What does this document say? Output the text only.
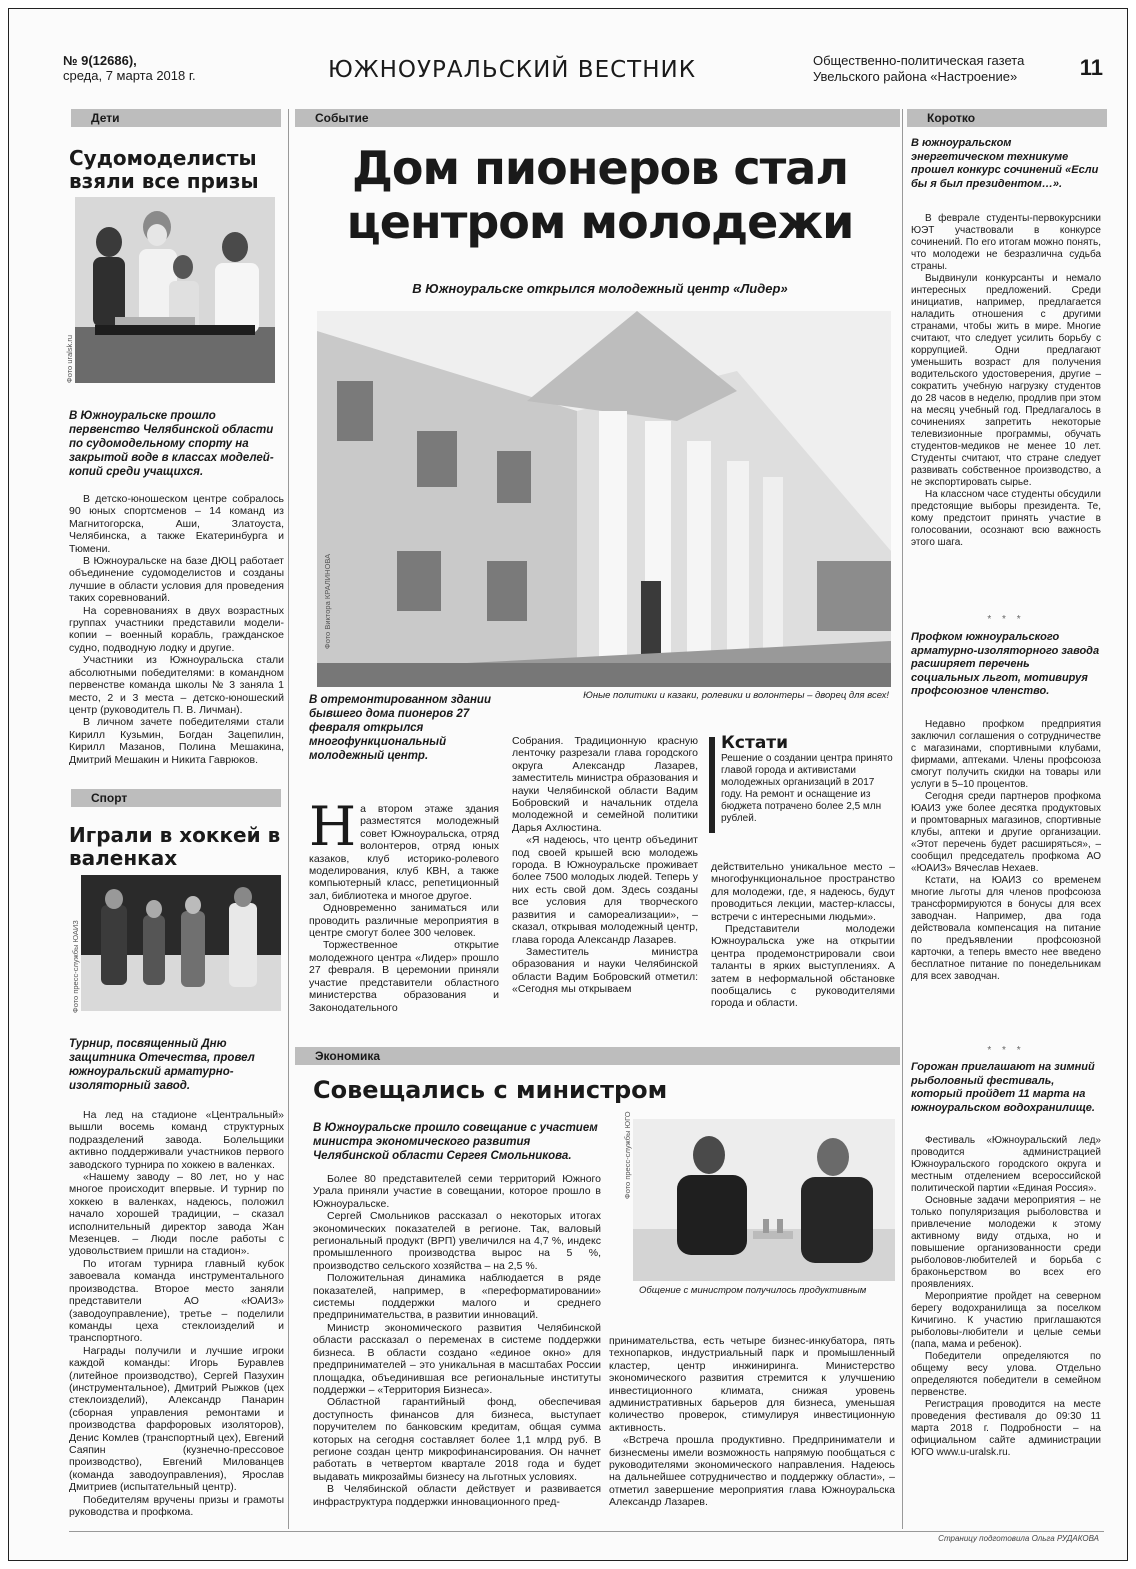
№ 9(12686),
среда, 7 марта 2018 г.	ЮЖНОУРАЛЬСКИЙ ВЕСТНИК	Общественно-политическая газета
Увельского района «Настроение»	11
Дети	Событие	Коротко
Спорт
Экономика
Судомоделисты взяли все призы
Фото uralsk.ru
В Южноуральске прошло первенство Челябинской области по судомодельному спорту на закрытой воде в классах моделей-копий среди учащихся.

В детско-юношеском центре собралось 90 юных спортсменов – 14 команд из Магнитогорска, Аши, Златоуста, Челябинска, а также Екатеринбурга и Тюмени.

В Южноуральске на базе ДЮЦ работает объединение судомоделистов и созданы лучшие в области условия для проведения таких соревнований.

На соревнованиях в двух возрастных группах участники представили модели-копии – военный корабль, гражданское судно, подводную лодку и другие.

Участники из Южноуральска стали абсолютными победителями: в командном первенстве команда школы № 3 заняла 1 место, 2 и 3 места – детско-юношеский центр (руководитель П. В. Личман).

В личном зачете победителями стали Кирилл Кузьмин, Богдан Зацепилин, Кирилл Мазанов, Полина Мешакина, Дмитрий Мешакин и Никита Гаврюков.

Играли в хоккей в валенках
Фото пресс-службы ЮАИЗ
Турнир, посвященный Дню защитника Отечества, провел южноуральский арматурно-изоляторный завод.

На лед на стадионе «Центральный» вышли восемь команд структурных подразделений завода. Болельщики активно поддерживали участников первого заводского турнира по хоккею в валенках.

«Нашему заводу – 80 лет, но у нас многое происходит впервые. И турнир по хоккею в валенках, надеюсь, положил начало хорошей традиции, – сказал исполнительный директор завода Жан Мезенцев. – Люди после работы с удовольствием пришли на стадион».

По итогам турнира главный кубок завоевала команда инструментального производства. Второе место заняли представители АО «ЮАИЗ» (заводоуправление), третье – поделили команды цеха стеклоизделий и транспортного.

Награды получили и лучшие игроки каждой команды: Игорь Буравлев (литейное производство), Сергей Пазухин (инструментальное), Дмитрий Рыжков (цех стеклоизделий), Александр Панарин (сборная управления ремонтами и производства фарфоровых изоляторов), Денис Комлев (транспортный цех), Евгений Саяпин (кузнечно-прессовое производство), Евгений Милованцев (команда заводоуправления), Ярослав Дмитриев (испытательный центр).

Победителям вручены призы и грамоты руководства и профкома.

Дом пионеров стал центром молодежи
В Южноуральске открылся молодежный центр «Лидер»
Фото Виктора КРАЛИНОВА
Юные политики и казаки, ролевики и волонтеры – дворец для всех!
В отремонтированном здании бывшего дома пионеров 27 февраля открылся многофункциональный молодежный центр.

На втором этаже здания разместятся молодежный совет Южноуральска, отряд волонтеров, отряд юных казаков, клуб историко-ролевого моделирования, клуб КВН, а также компьютерный класс, репетиционный зал, библиотека и многое другое.

Одновременно заниматься или проводить различные мероприятия в центре смогут более 300 человек.

Торжественное открытие молодежного центра «Лидер» прошло 27 февраля. В церемонии приняли участие представители областного министерства образования и Законодательного

Собрания. Традиционную красную ленточку разрезали глава городского округа Александр Лазарев, заместитель министра образования и науки Челябинской области Вадим Бобровский и начальник отдела молодежной и семейной политики Дарья Ахлюстина.

«Я надеюсь, что центр объединит под своей крышей всю молодежь города. В Южноуральске проживает более 7500 молодых людей. Теперь у них есть свой дом. Здесь созданы все условия для творческого развития и самореализации», – сказал, открывая молодежный центр, глава города Александр Лазарев.

Заместитель министра образования и науки Челябинской области Вадим Бобровский отметил: «Сегодня мы открываем

Кстати
Решение о создании центра принято главой города и активистами молодежных организаций в 2017 году. На ремонт и оснащение из бюджета потрачено более 2,5 млн рублей.

действительно уникальное место – многофункциональное пространство для молодежи, где, я надеюсь, будут проводиться лекции, мастер-классы, встречи с интересными людьми».

Представители молодежи Южноуральска уже на открытии центра продемонстрировали свои таланты в ярких выступлениях. А затем в неформальной обстановке пообщались с руководителями города и области.

Совещались с министром
В Южноуральске прошло совещание с участием министра экономического развития Челябинской области Сергея Смольникова.	Фото пресс-службы ЮГО
Общение с министром получилось продуктивным

Более 80 представителей семи территорий Южного Урала приняли участие в совещании, которое прошло в Южноуральске.

Сергей Смольников рассказал о некоторых итогах экономических показателей в регионе. Так, валовый региональный продукт (ВРП) увеличился на 4,7 %, индекс промышленного производства вырос на 5 %, производство сельского хозяйства – на 2,5 %.

Положительная динамика наблюдается в ряде показателей, например, в «переформатировании» системы поддержки малого и среднего предпринимательства, в развитии инноваций.

Министр экономического развития Челябинской области рассказал о переменах в системе поддержки бизнеса. В области создано «единое окно» для предпринимателей – это уникальная в масштабах России площадка, объединившая все региональные институты поддержки – «Территория Бизнеса».

Областной гарантийный фонд, обеспечивая доступность финансов для бизнеса, выступает поручителем по банковским кредитам, общая сумма которых на сегодня составляет более 1,1 млрд руб. В регионе создан центр микрофинансирования. Он начнет работать в четвертом квартале 2018 года и будет выдавать микрозаймы бизнесу на льготных условиях.

В Челябинской области действует и развивается инфраструктура поддержки инновационного пред-

принимательства, есть четыре бизнес-инкубатора, пять технопарков, индустриальный парк и промышленный кластер, центр инжиниринга. Министерство экономического развития стремится к улучшению инвестиционного климата, снижая уровень административных барьеров для бизнеса, уменьшая количество проверок, стимулируя инвестиционную активность.

«Встреча прошла продуктивно. Предприниматели и бизнесмены имели возможность напрямую пообщаться с руководителями экономического направления. Надеюсь на дальнейшее сотрудничество и поддержку области», – отметил завершение мероприятия глава Южноуральска Александр Лазарев.

В южноуральском энергетическом техникуме прошел конкурс сочинений «Если бы я был президентом…».

В феврале студенты-первокурсники ЮЭТ участвовали в конкурсе сочинений. По его итогам можно понять, что молодежи не безразлична судьба страны.

Выдвинули конкурсанты и немало интересных предложений. Среди инициатив, например, предлагается наладить отношения с другими странами, чтобы жить в мире. Многие считают, что следует усилить борьбу с коррупцией. Одни предлагают уменьшить возраст для получения водительского удостоверения, другие – сократить учебную нагрузку студентов до 28 часов в неделю, продлив при этом на месяц учебный год. Предлагалось в сочинениях запретить некоторые телевизионные программы, обучать студентов-медиков не менее 10 лет. Студенты считают, что стране следует развивать собственное производство, а не экспортировать сырье.

На классном часе студенты обсудили предстоящие выборы президента. Те, кому предстоит принять участие в голосовании, осознают всю важность этого шага.

* * *
Профком южноуральского арматурно-изоляторного завода расширяет перечень социальных льгот, мотивируя профсоюзное членство.

Недавно профком предприятия заключил соглашения о сотрудничестве с магазинами, спортивными клубами, фирмами, аптеками. Члены профсоюза смогут получить скидки на товары или услуги в 5–10 процентов.

Сегодня среди партнеров профкома ЮАИЗ уже более десятка продуктовых и промтоварных магазинов, спортивные клубы, аптеки и другие организации. «Этот перечень будет расширяться», – сообщил председатель профкома АО «ЮАИЗ» Вячеслав Нехаев.

Кстати, на ЮАИЗ со временем многие льготы для членов профсоюза трансформируются в бонусы для всех заводчан. Например, два года действовала компенсация на питание по предъявлении профсоюзной карточки, а теперь вместо нее введено бесплатное питание по понедельникам для всех заводчан.

* * *
Горожан приглашают на зимний рыболовный фестиваль, который пройдет 11 марта на южноуральском водохранилище.

Фестиваль «Южноуральский лед» проводится администрацией Южноуральского городского округа и местным отделением всероссийской политической партии «Единая Россия».

Основные задачи мероприятия – не только популяризация рыболовства и привлечение молодежи к этому активному виду отдыха, но и повышение организованности среди рыболовов-любителей и борьба с браконьерством во всех его проявлениях.

Мероприятие пройдет на северном берегу водохранилища за поселком Кичигино. К участию приглашаются рыболовы-любители и целые семьи (папа, мама и ребенок).

Победители определяются по общему весу улова. Отдельно определяются победители в семейном первенстве.

Регистрация проводится на месте проведения фестиваля до 09:30 11 марта 2018 г. Подробности – на официальном сайте администрации ЮГО www.u-uralsk.ru.

Страницу подготовила Ольга РУДАКОВА
